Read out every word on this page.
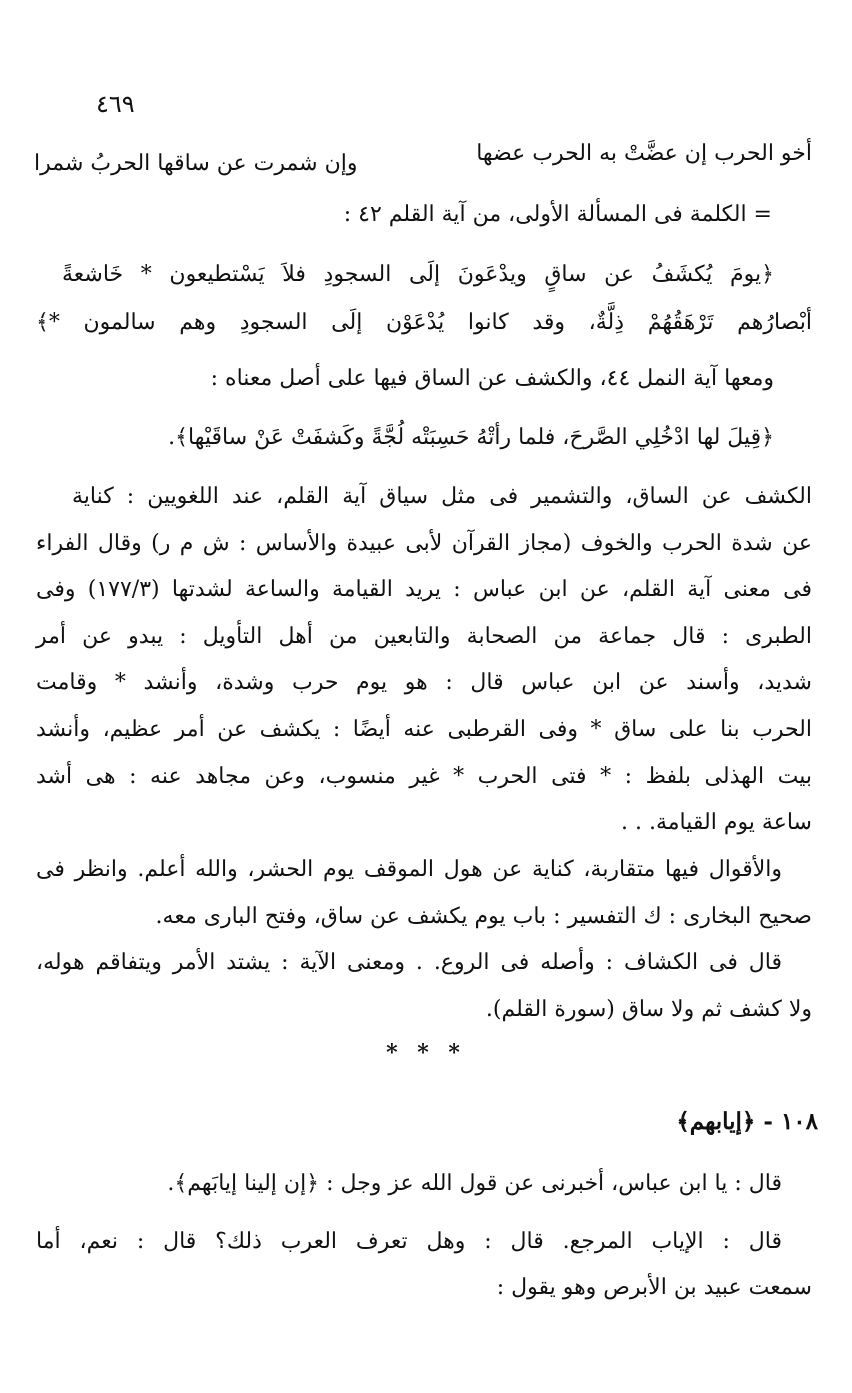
٤٦٩
أخو الحرب إن عضَّتْ به الحرب عضها
وإن شمرت عن ساقها الحربُ شمرا
= الكلمة فى المسألة الأولى، من آية القلم ٤٢ :
﴿يومَ يُكشَفُ عن ساقٍ ويدْعَونَ إلَى السجودِ فلاَ يَسْتطيعون * خَاشعةً
أبْصارُهم تَرْهَقُهُمْ ذِلَّةٌ، وقد كانوا يُدْعَوْن إلَى السجودِ وهم سالمون *﴾
ومعها آية النمل ٤٤، والكشف عن الساق فيها على أصل معناه :
﴿قِيلَ لها ادْخُلِي الصَّرحَ، فلما رأتْهُ حَسِبَتْه لُجَّةً وكَشفَتْ عَنْ ساقَيْها﴾.
الكشف عن الساق، والتشمير فى مثل سياق آية القلم، عند اللغويين : كناية
عن شدة الحرب والخوف (مجاز القرآن لأبى عبيدة والأساس : ش م ر) وقال الفراء
فى معنى آية القلم، عن ابن عباس : يريد القيامة والساعة لشدتها (١٧٧/٣) وفى
الطبرى : قال جماعة من الصحابة والتابعين من أهل التأويل : يبدو عن أمر
شديد، وأسند عن ابن عباس قال : هو يوم حرب وشدة، وأنشد * وقامت
الحرب بنا على ساق * وفى القرطبى عنه أيضًا : يكشف عن أمر عظيم، وأنشد
بيت الهذلى بلفظ : * فتى الحرب * غير منسوب، وعن مجاهد عنه : هى أشد
ساعة يوم القيامة. . .
والأقوال فيها متقاربة، كناية عن هول الموقف يوم الحشر، والله أعلم. وانظر فى
صحيح البخارى : ك التفسير : باب يوم يكشف عن ساق، وفتح البارى معه.
قال فى الكشاف : وأصله فى الروع. . ومعنى الآية : يشتد الأمر ويتفاقم هوله،
ولا كشف ثم ولا ساق (سورة القلم).
* * *
١٠٨ - ﴿إيابهم﴾
قال : يا ابن عباس، أخبرنى عن قول الله عز وجل : ﴿إن إلينا إيابَهم﴾.
قال : الإياب المرجع. قال : وهل تعرف العرب ذلك؟ قال : نعم، أما
سمعت عبيد بن الأبرص وهو يقول :
